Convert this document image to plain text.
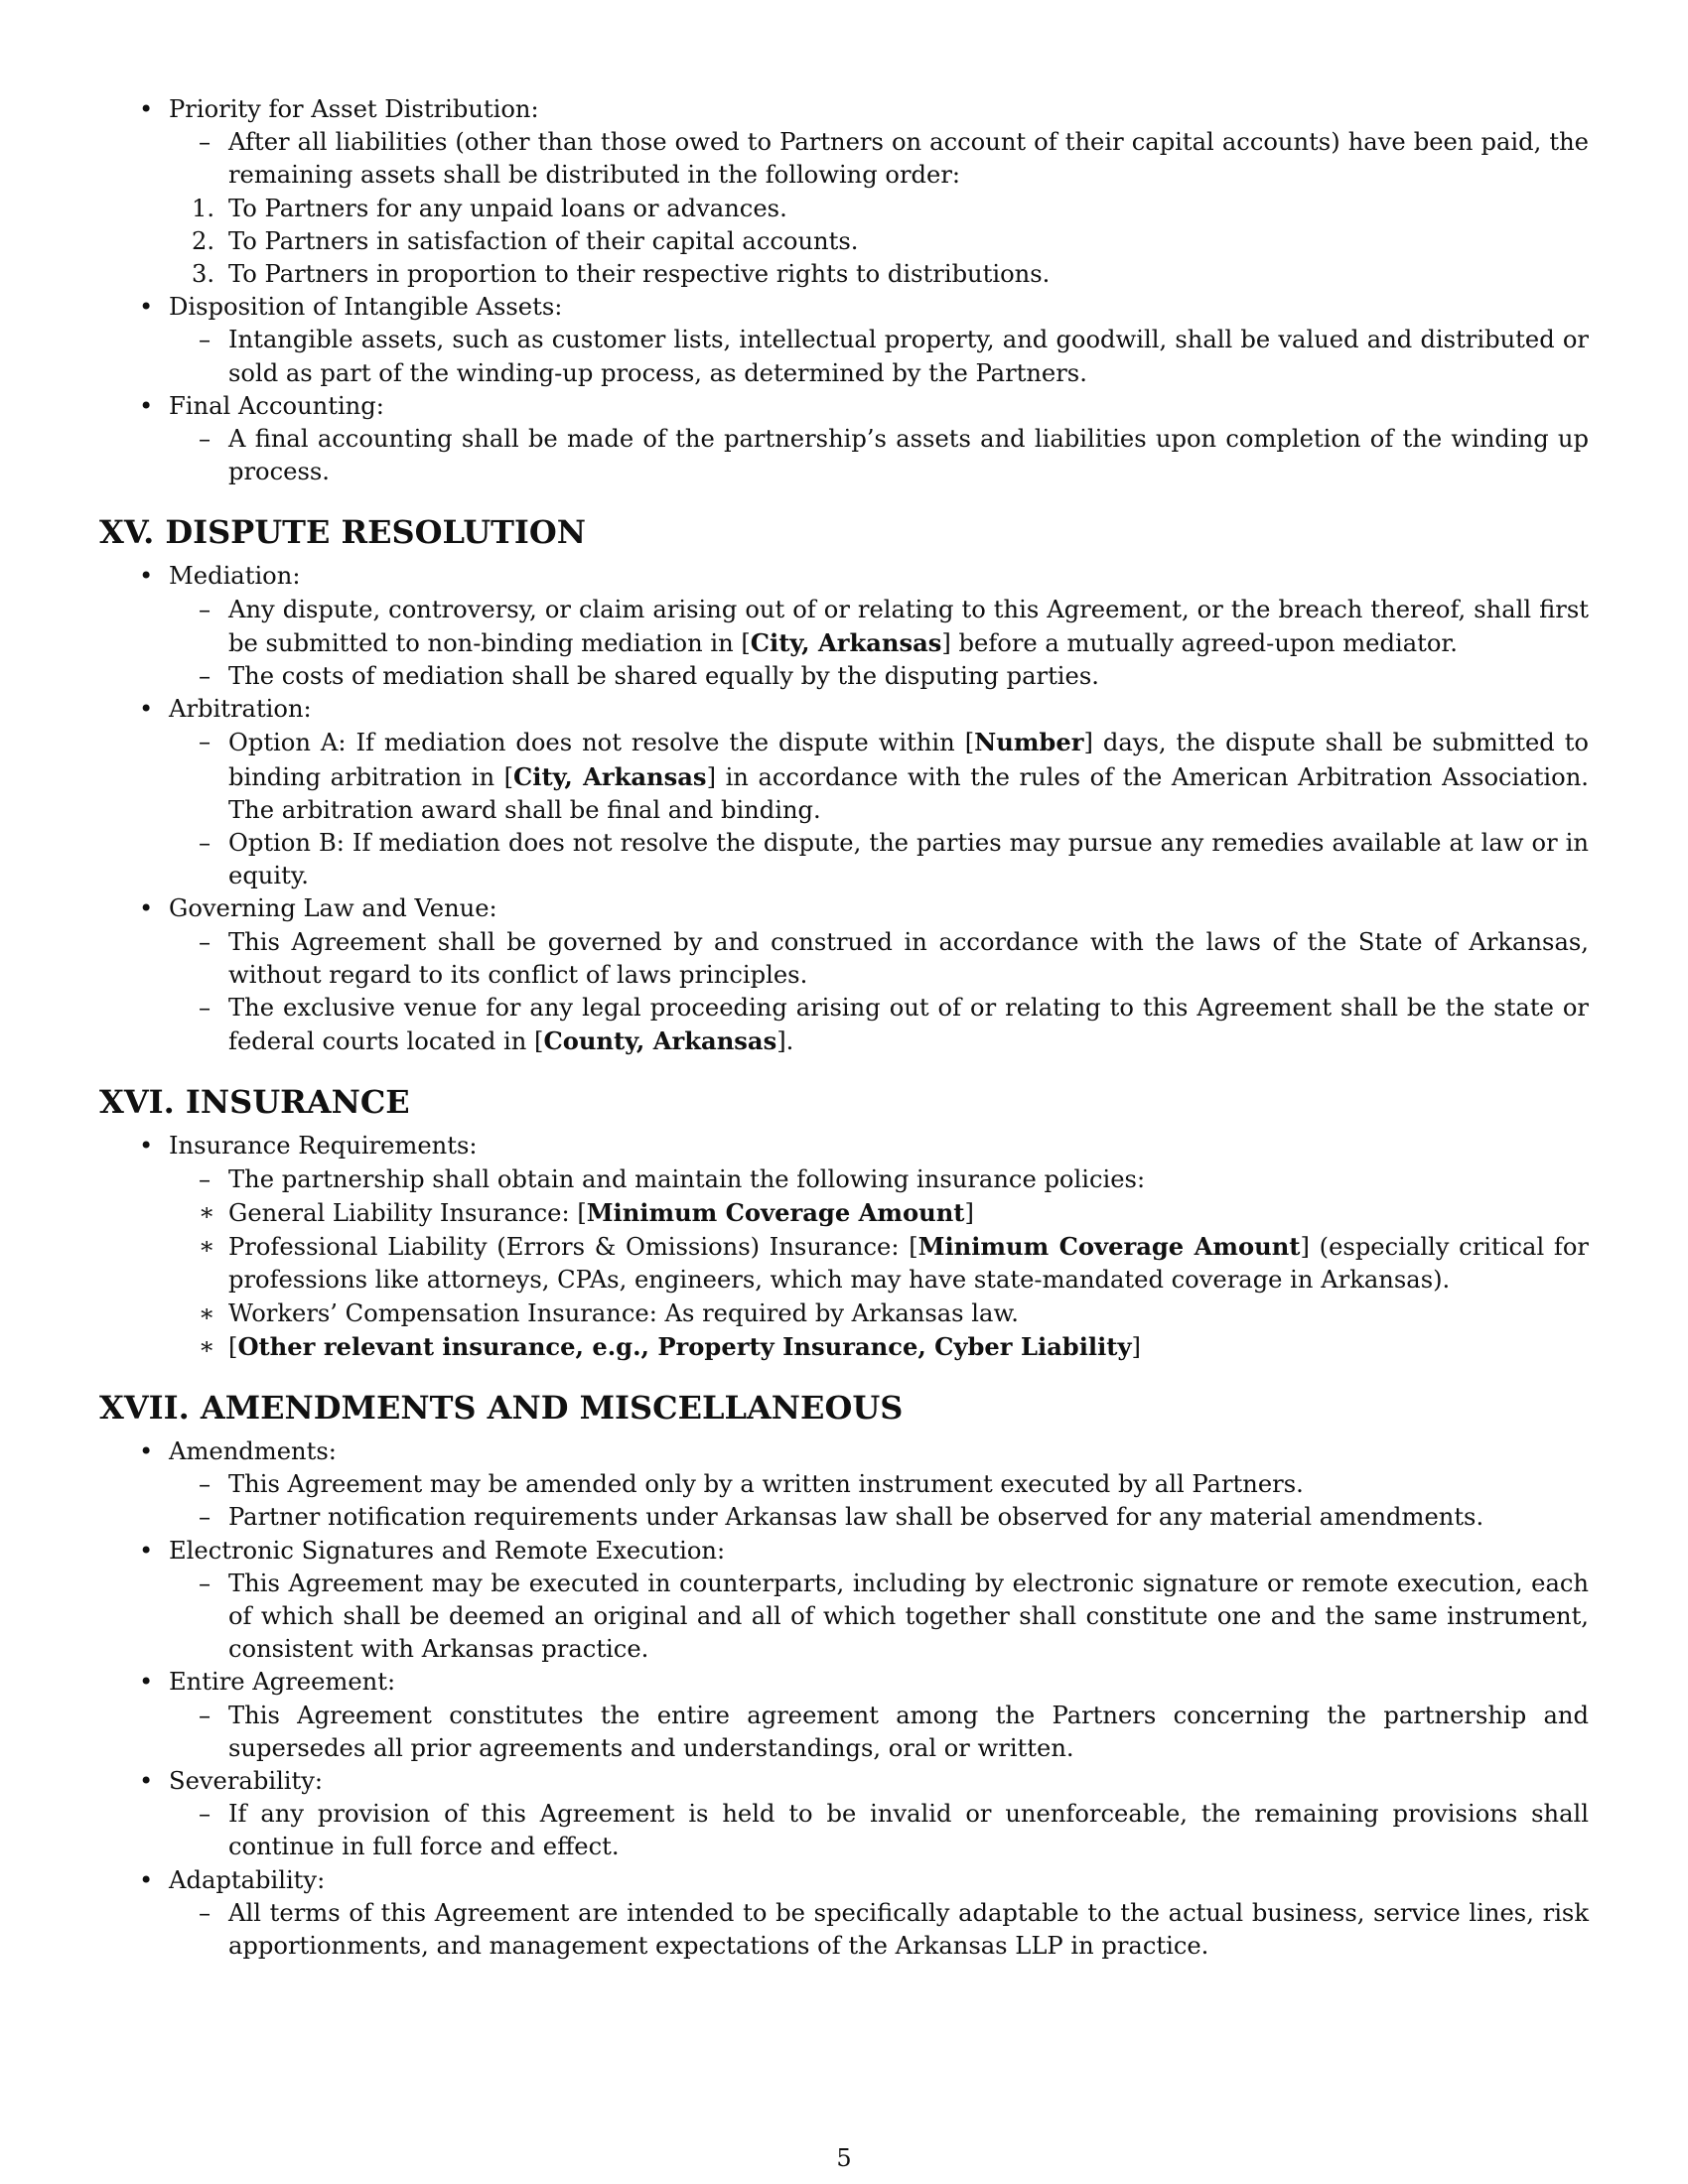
• Priority for Asset Distribution:
– After all liabilities (other than those owed to Partners on account of their capital accounts) have been paid, the remaining assets shall be distributed in the following order:
1. To Partners for any unpaid loans or advances.
2. To Partners in satisfaction of their capital accounts.
3. To Partners in proportion to their respective rights to distributions.
• Disposition of Intangible Assets:
– Intangible assets, such as customer lists, intellectual property, and goodwill, shall be valued and distributed or sold as part of the winding-up process, as determined by the Partners.
• Final Accounting:
– A final accounting shall be made of the partnership’s assets and liabilities upon completion of the winding up process.
XV. DISPUTE RESOLUTION
• Mediation:
– Any dispute, controversy, or claim arising out of or relating to this Agreement, or the breach thereof, shall first be submitted to non-binding mediation in [City, Arkansas] before a mutually agreed-upon mediator.
– The costs of mediation shall be shared equally by the disputing parties.
• Arbitration:
– Option A: If mediation does not resolve the dispute within [Number] days, the dispute shall be submitted to binding arbitration in [City, Arkansas] in accordance with the rules of the American Arbitration Association. The arbitration award shall be final and binding.
– Option B: If mediation does not resolve the dispute, the parties may pursue any remedies available at law or in equity.
• Governing Law and Venue:
– This Agreement shall be governed by and construed in accordance with the laws of the State of Arkansas, without regard to its conflict of laws principles.
– The exclusive venue for any legal proceeding arising out of or relating to this Agreement shall be the state or federal courts located in [County, Arkansas].
XVI. INSURANCE
• Insurance Requirements:
– The partnership shall obtain and maintain the following insurance policies:
∗ General Liability Insurance: [Minimum Coverage Amount]
∗ Professional Liability (Errors & Omissions) Insurance: [Minimum Coverage Amount] (especially critical for professions like attorneys, CPAs, engineers, which may have state-mandated coverage in Arkansas).
∗ Workers’ Compensation Insurance: As required by Arkansas law.
∗ [Other relevant insurance, e.g., Property Insurance, Cyber Liability]
XVII. AMENDMENTS AND MISCELLANEOUS
• Amendments:
– This Agreement may be amended only by a written instrument executed by all Partners.
– Partner notification requirements under Arkansas law shall be observed for any material amendments.
• Electronic Signatures and Remote Execution:
– This Agreement may be executed in counterparts, including by electronic signature or remote execution, each of which shall be deemed an original and all of which together shall constitute one and the same instrument, consistent with Arkansas practice.
• Entire Agreement:
– This Agreement constitutes the entire agreement among the Partners concerning the partnership and supersedes all prior agreements and understandings, oral or written.
• Severability:
– If any provision of this Agreement is held to be invalid or unenforceable, the remaining provisions shall continue in full force and effect.
• Adaptability:
– All terms of this Agreement are intended to be specifically adaptable to the actual business, service lines, risk apportionments, and management expectations of the Arkansas LLP in practice.
5
